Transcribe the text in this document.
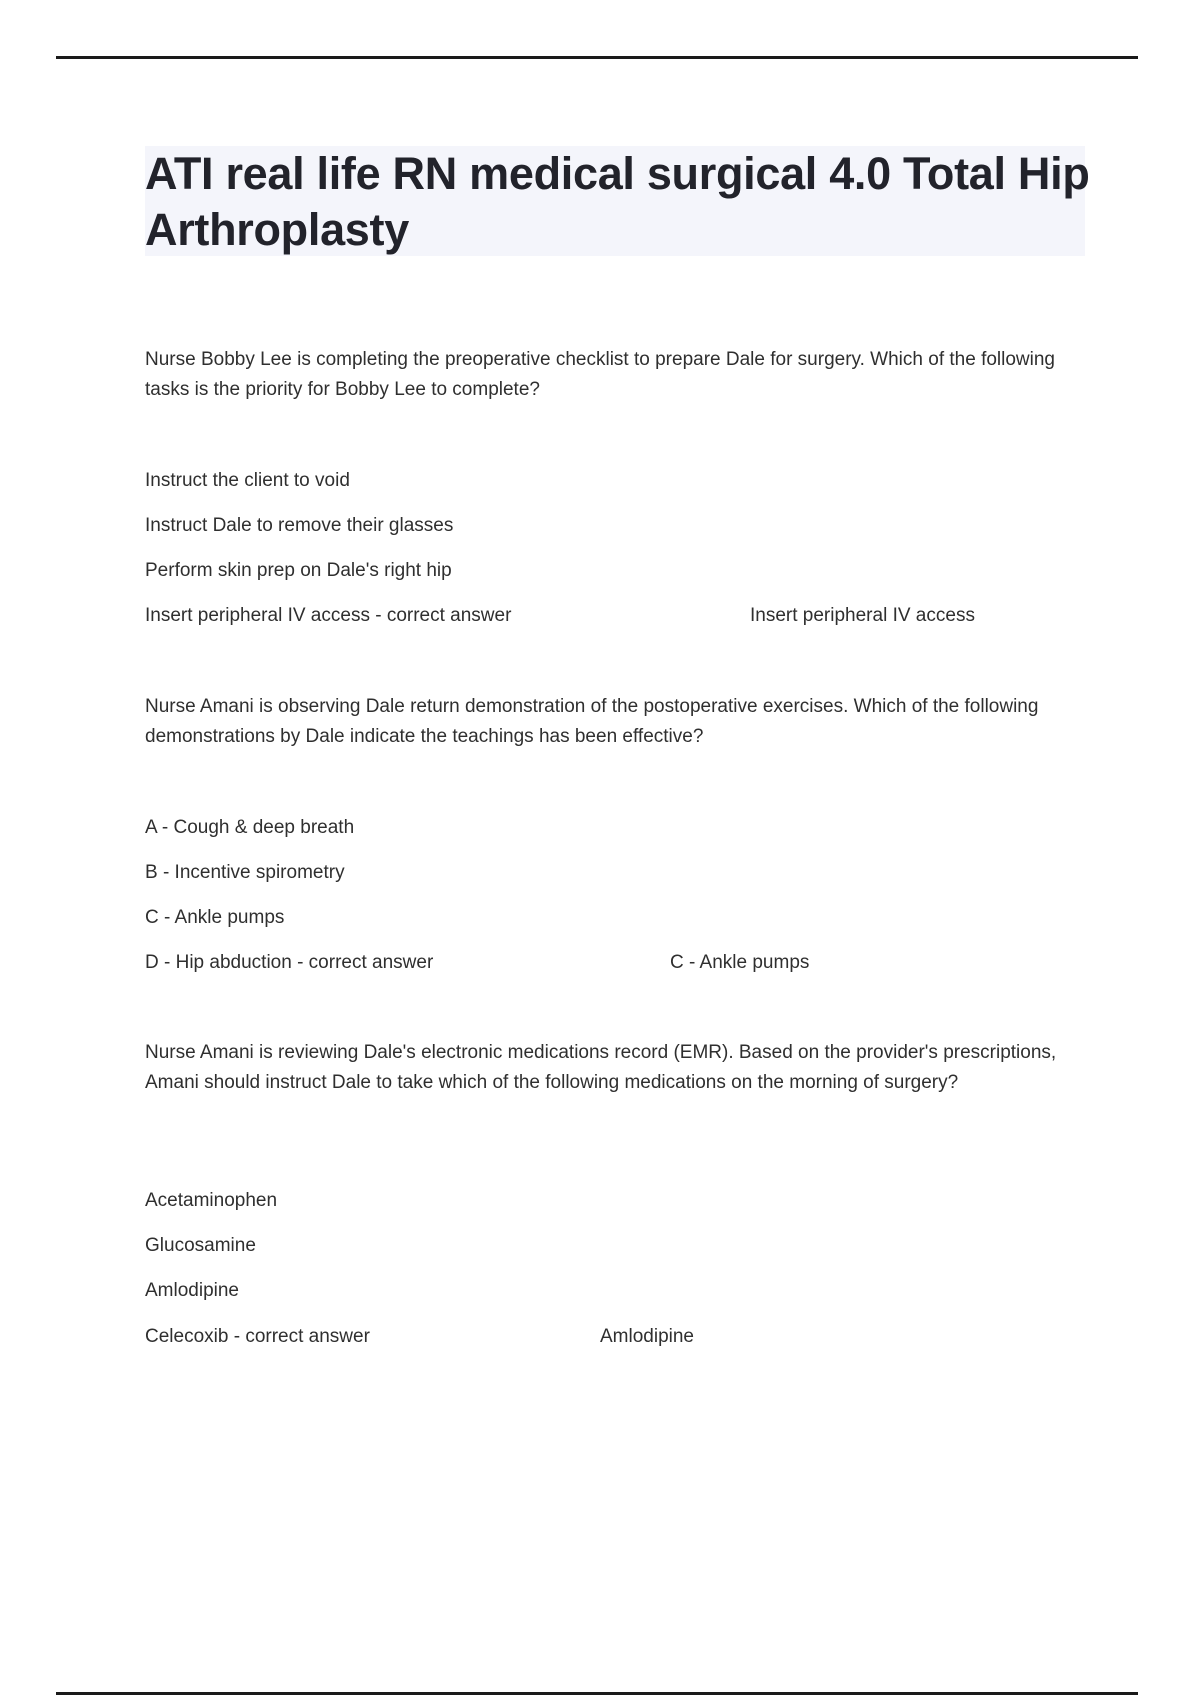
ATI real life RN medical surgical 4.0 Total Hip Arthroplasty

Nurse Bobby Lee is completing the preoperative checklist to prepare Dale for surgery. Which of the following tasks is the priority for Bobby Lee to complete?

Instruct the client to void
Instruct Dale to remove their glasses
Perform skin prep on Dale's right hip
Insert peripheral IV access - correct answer	Insert peripheral IV access

Nurse Amani is observing Dale return demonstration of the postoperative exercises. Which of the following demonstrations by Dale indicate the teachings has been effective?

A - Cough & deep breath
B - Incentive spirometry
C - Ankle pumps
D - Hip abduction - correct answer	C - Ankle pumps

Nurse Amani is reviewing Dale's electronic medications record (EMR). Based on the provider's prescriptions, Amani should instruct Dale to take which of the following medications on the morning of surgery?

Acetaminophen
Glucosamine
Amlodipine
Celecoxib - correct answer	Amlodipine
